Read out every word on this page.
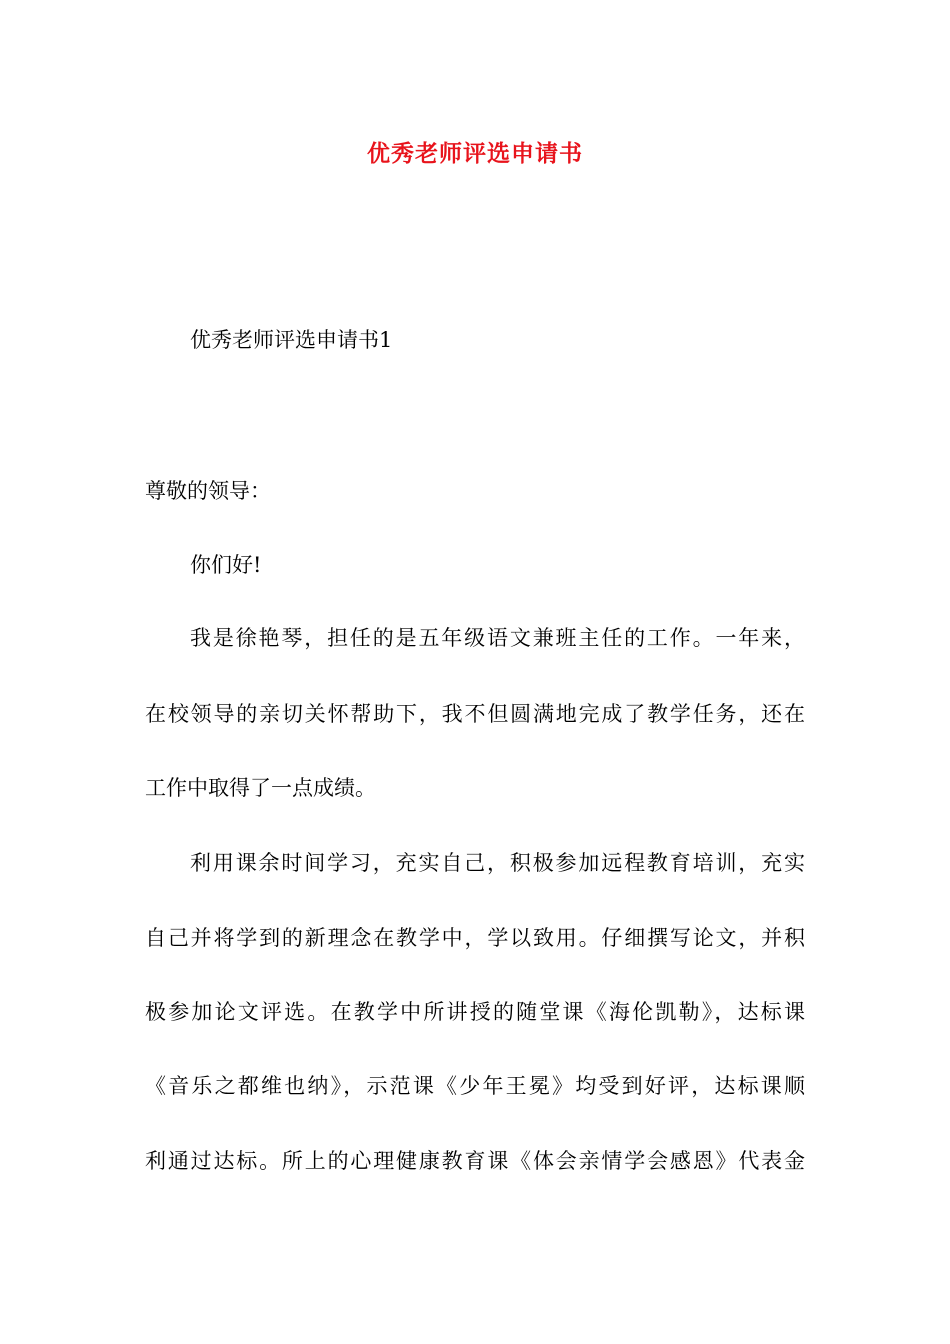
优秀老师评选申请书
优秀老师评选申请书1
尊敬的领导：
你们好!
我是徐艳琴，担任的是五年级语文兼班主任的工作。一年来，
在校领导的亲切关怀帮助下，我不但圆满地完成了教学任务，还在
工作中取得了一点成绩。
利用课余时间学习，充实自己，积极参加远程教育培训，充实
自己并将学到的新理念在教学中，学以致用。仔细撰写论文，并积
极参加论文评选。在教学中所讲授的随堂课《海伦凯勒》，达标课
《音乐之都维也纳》，示范课《少年王冕》均受到好评，达标课顺
利通过达标。所上的心理健康教育课《体会亲情学会感恩》代表金
